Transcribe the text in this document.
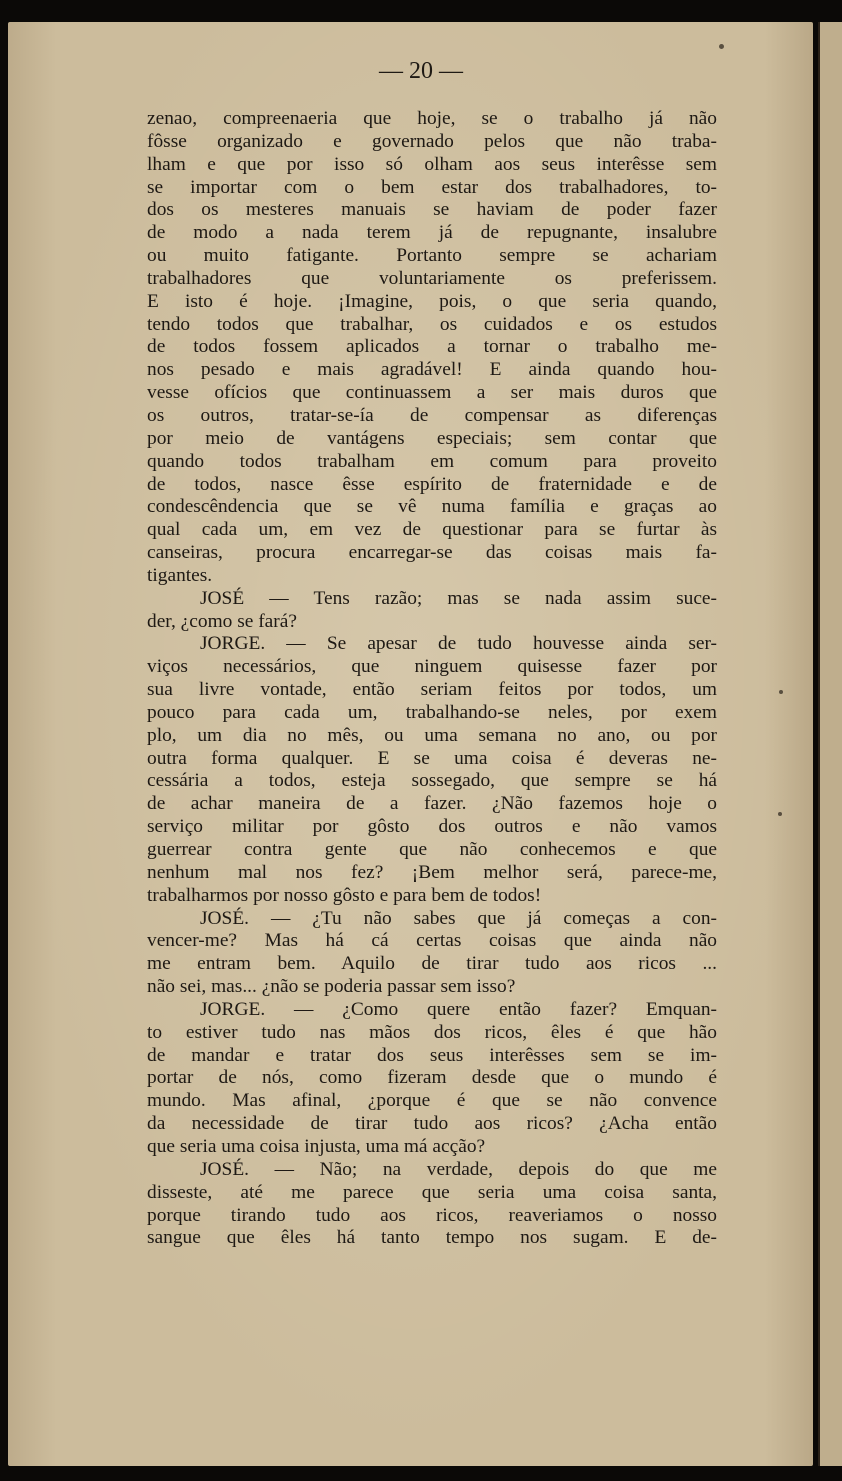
— 20 —
zenao, compreenaeria que hoje, se o trabalho já não
fôsse organizado e governado pelos que não traba-
lham e que por isso só olham aos seus interêsse sem
se importar com o bem estar dos trabalhadores, to-
dos os mesteres manuais se haviam de poder fazer
de modo a nada terem já de repugnante, insalubre
ou muito fatigante. Portanto sempre se achariam
trabalhadores que voluntariamente os preferissem.
E isto é hoje. ¡Imagine, pois, o que seria quando,
tendo todos que trabalhar, os cuidados e os estudos
de todos fossem aplicados a tornar o trabalho me-
nos pesado e mais agradável! E ainda quando hou-
vesse ofícios que continuassem a ser mais duros que
os outros, tratar-se-ía de compensar as diferenças
por meio de vantágens especiais; sem contar que
quando todos trabalham em comum para proveito
de todos, nasce êsse espírito de fraternidade e de
condescêndencia que se vê numa família e graças ao
qual cada um, em vez de questionar para se furtar às
canseiras, procura encarregar-se das coisas mais fa-
tigantes.
JOSÉ — Tens razão; mas se nada assim suce-
der, ¿como se fará?
JORGE. — Se apesar de tudo houvesse ainda ser-
viços necessários, que ninguem quisesse fazer por
sua livre vontade, então seriam feitos por todos, um
pouco para cada um, trabalhando-se neles, por exem
plo, um dia no mês, ou uma semana no ano, ou por
outra forma qualquer. E se uma coisa é deveras ne-
cessária a todos, esteja sossegado, que sempre se há
de achar maneira de a fazer. ¿Não fazemos hoje o
serviço militar por gôsto dos outros e não vamos
guerrear contra gente que não conhecemos e que
nenhum mal nos fez? ¡Bem melhor será, parece-me,
trabalharmos por nosso gôsto e para bem de todos!
JOSÉ. — ¿Tu não sabes que já começas a con-
vencer-me? Mas há cá certas coisas que ainda não
me entram bem. Aquilo de tirar tudo aos ricos ...
não sei, mas... ¿não se poderia passar sem isso?
JORGE. — ¿Como quere então fazer? Emquan-
to estiver tudo nas mãos dos ricos, êles é que hão
de mandar e tratar dos seus interêsses sem se im-
portar de nós, como fizeram desde que o mundo é
mundo. Mas afinal, ¿porque é que se não convence
da necessidade de tirar tudo aos ricos? ¿Acha então
que seria uma coisa injusta, uma má acção?
JOSÉ. — Não; na verdade, depois do que me
disseste, até me parece que seria uma coisa santa,
porque tirando tudo aos ricos, reaveriamos o nosso
sangue que êles há tanto tempo nos sugam. E de-
